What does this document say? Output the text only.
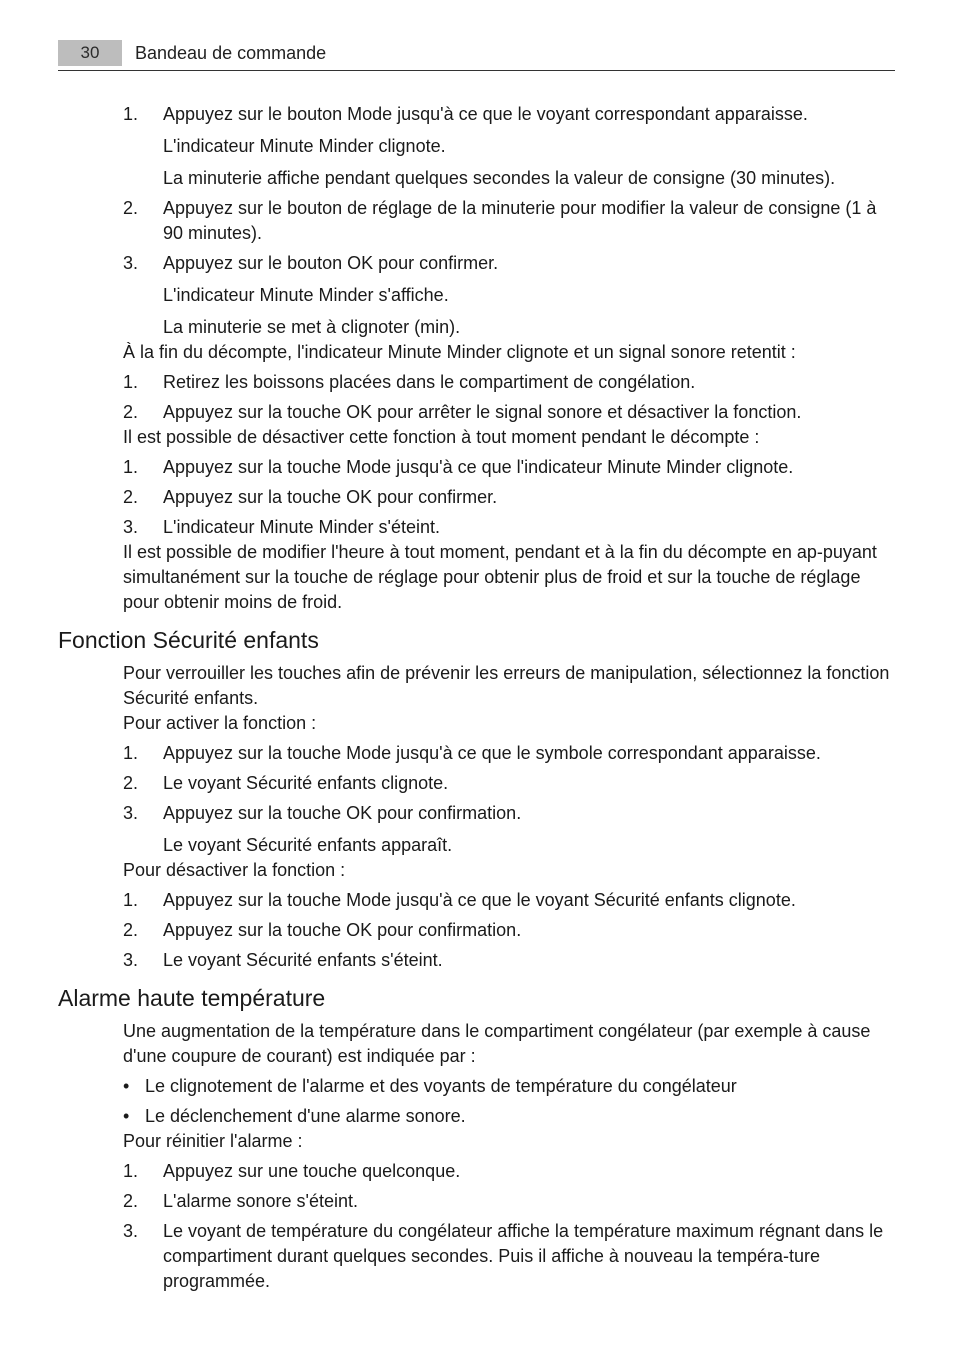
30	Bandeau de commande
1.	Appuyez sur le bouton Mode jusqu'à ce que le voyant correspondant apparaisse.
L'indicateur Minute Minder clignote.
La minuterie affiche pendant quelques secondes la valeur de consigne (30 minutes).
2.	Appuyez sur le bouton de réglage de la minuterie pour modifier la valeur de consigne (1 à 90 minutes).
3.	Appuyez sur le bouton OK pour confirmer.
L'indicateur Minute Minder s'affiche.
La minuterie se met à clignoter (min).

À la fin du décompte, l'indicateur Minute Minder clignote et un signal sonore retentit :

1.	Retirez les boissons placées dans le compartiment de congélation.
2.	Appuyez sur la touche OK pour arrêter le signal sonore et désactiver la fonction.

Il est possible de désactiver cette fonction à tout moment pendant le décompte :

1.	Appuyez sur la touche Mode jusqu'à ce que l'indicateur Minute Minder clignote.
2.	Appuyez sur la touche OK pour confirmer.
3.	L'indicateur Minute Minder s'éteint.

Il est possible de modifier l'heure à tout moment, pendant et à la fin du décompte en ap-puyant simultanément sur la touche de réglage pour obtenir plus de froid et sur la touche de réglage pour obtenir moins de froid.

Fonction Sécurité enfants

Pour verrouiller les touches afin de prévenir les erreurs de manipulation, sélectionnez la fonction Sécurité enfants.

Pour activer la fonction :

1.	Appuyez sur la touche Mode jusqu'à ce que le symbole correspondant apparaisse.
2.	Le voyant Sécurité enfants clignote.
3.	Appuyez sur la touche OK pour confirmation.
Le voyant Sécurité enfants apparaît.

Pour désactiver la fonction :

1.	Appuyez sur la touche Mode jusqu'à ce que le voyant Sécurité enfants clignote.
2.	Appuyez sur la touche OK pour confirmation.
3.	Le voyant Sécurité enfants s'éteint.
Alarme haute température

Une augmentation de la température dans le compartiment congélateur (par exemple à cause d'une coupure de courant) est indiquée par :

• Le clignotement de l'alarme et des voyants de température du congélateur
• Le déclenchement d'une alarme sonore.

Pour réinitier l'alarme :

1.	Appuyez sur une touche quelconque.
2.	L'alarme sonore s'éteint.
3.	Le voyant de température du congélateur affiche la température maximum régnant dans le compartiment durant quelques secondes. Puis il affiche à nouveau la tempéra-ture programmée.
